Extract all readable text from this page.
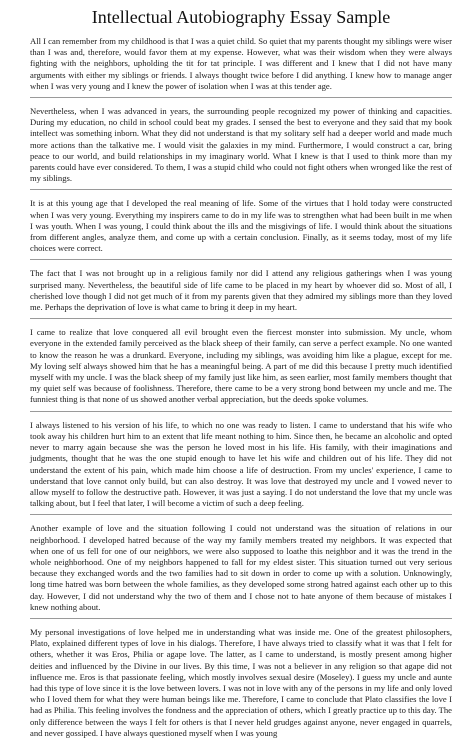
Intellectual Autobiography Essay Sample

All I can remember from my childhood is that I was a quiet child. So quiet that my parents thought my siblings were wiser than I was and, therefore, would favor them at my expense. However, what was their wisdom when they were always fighting with the neighbors, upholding the tit for tat principle. I was different and I knew that I did not have many arguments with either my siblings or friends. I always thought twice before I did anything. I knew how to manage anger when I was very young and I knew the power of isolation when I was at this tender age.

Nevertheless, when I was advanced in years, the surrounding people recognized my power of thinking and capacities. During my education, no child in school could beat my grades. I sensed the best to everyone and they said that my book intellect was something inborn. What they did not understand is that my solitary self had a deeper world and made much more actions than the talkative me. I would visit the galaxies in my mind. Furthermore, I would construct a car, bring peace to our world, and build relationships in my imaginary world. What I knew is that I used to think more than my parents could have ever considered. To them, I was a stupid child who could not fight others when wronged like the rest of my siblings.

It is at this young age that I developed the real meaning of life. Some of the virtues that I hold today were constructed when I was very young. Everything my inspirers came to do in my life was to strengthen what had been built in me when I was youth. When I was young, I could think about the ills and the misgivings of life. I would think about the situations from different angles, analyze them, and come up with a certain conclusion. Finally, as it seems today, most of my life choices were correct.

The fact that I was not brought up in a religious family nor did I attend any religious gatherings when I was young surprised many. Nevertheless, the beautiful side of life came to be placed in my heart by whoever did so. Most of all, I cherished love though I did not get much of it from my parents given that they admired my siblings more than they loved me. Perhaps the deprivation of love is what came to bring it deep in my heart.

I came to realize that love conquered all evil brought even the fiercest monster into submission. My uncle, whom everyone in the extended family perceived as the black sheep of their family, can serve a perfect example. No one wanted to know the reason he was a drunkard. Everyone, including my siblings, was avoiding him like a plague, except for me. My loving self always showed him that he has a meaningful being. A part of me did this because I pretty much identified myself with my uncle. I was the black sheep of my family just like him, as seen earlier, most family members thought that my quiet self was because of foolishness. Therefore, there came to be a very strong bond between my uncle and me. The funniest thing is that none of us showed another verbal appreciation, but the deeds spoke volumes.

I always listened to his version of his life, to which no one was ready to listen. I came to understand that his wife who took away his children hurt him to an extent that life meant nothing to him. Since then, he became an alcoholic and opted never to marry again because she was the person he loved most in his life. His family, with their imaginations and judgments, thought that he was the one stupid enough to have let his wife and children out of his life. They did not understand the extent of his pain, which made him choose a life of destruction. From my uncles' experience, I came to understand that love cannot only build, but can also destroy. It was love that destroyed my uncle and I vowed never to allow myself to follow the destructive path. However, it was just a saying. I do not understand the love that my uncle was talking about, but I feel that later, I will become a victim of such a deep feeling.

Another example of love and the situation following I could not understand was the situation of relations in our neighborhood. I developed hatred because of the way my family members treated my neighbors. It was expected that when one of us fell for one of our neighbors, we were also supposed to loathe this neighbor and it was the trend in the whole neighborhood. One of my neighbors happened to fall for my eldest sister. This situation turned out very serious because they exchanged words and the two families had to sit down in order to come up with a solution. Unknowingly, long time hatred was born between the whole families, as they developed some strong hatred against each other up to this day. However, I did not understand why the two of them and I chose not to hate anyone of them because of mistakes I knew nothing about.

My personal investigations of love helped me in understanding what was inside me. One of the greatest philosophers, Plato, explained different types of love in his dialogs. Therefore, I have always tried to classify what it was that I felt for others, whether it was Eros, Philia or agape love. The latter, as I came to understand, is mostly present among higher deities and influenced by the Divine in our lives. By this time, I was not a believer in any religion so that agape did not influence me. Eros is that passionate feeling, which mostly involves sexual desire (Moseley). I guess my uncle and aunte had this type of love since it is the love between lovers. I was not in love with any of the persons in my life and only loved who I loved them for what they were human beings like me. Therefore, I came to conclude that Plato classifies the love I had as Philia. This feeling involves the fondness and the appreciation of others, which I greatly practice up to this day. The only difference between the ways I felt for others is that I never held grudges against anyone, never engaged in quarrels, and never gossiped. I have always questioned myself when I was young
